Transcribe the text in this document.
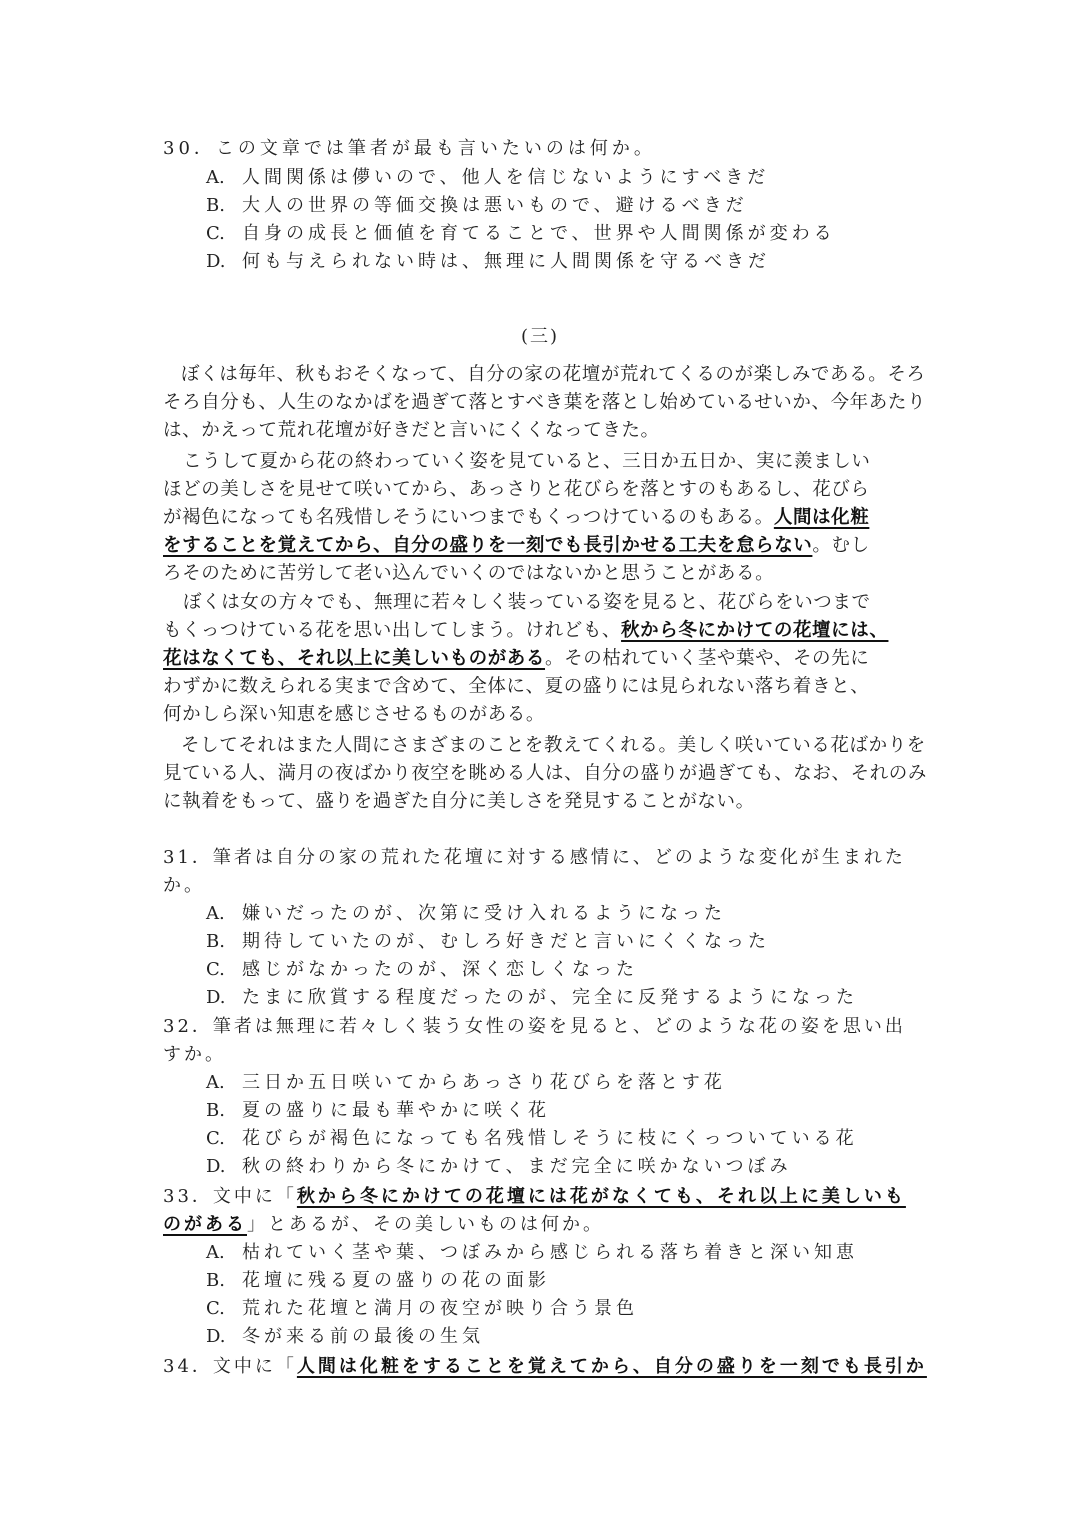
30．この文章では筆者が最も言いたいのは何か。
A. 人間関係は儚いので、他人を信じないようにすべきだ
B. 大人の世界の等価交換は悪いもので、避けるべきだ
C. 自身の成長と価値を育てることで、世界や人間関係が変わる
D. 何も与えられない時は、無理に人間関係を守るべきだ
(三)
ぼくは毎年、秋もおそくなって、自分の家の花壇が荒れてくるのが楽しみである。そろ
そろ自分も、人生のなかばを過ぎて落とすべき葉を落とし始めているせいか、今年あたり
は、かえって荒れ花壇が好きだと言いにくくなってきた。
こうして夏から花の終わっていく姿を見ていると、三日か五日か、実に羨ましい
ほどの美しさを見せて咲いてから、あっさりと花びらを落とすのもあるし、花びら
が褐色になっても名残惜しそうにいつまでもくっつけているのもある。人間は化粧
をすることを覚えてから、自分の盛りを一刻でも長引かせる工夫を怠らない。むし
ろそのために苦労して老い込んでいくのではないかと思うことがある。
ぼくは女の方々でも、無理に若々しく装っている姿を見ると、花びらをいつまで
もくっつけている花を思い出してしまう。けれども、秋から冬にかけての花壇には、
花はなくても、それ以上に美しいものがある。その枯れていく茎や葉や、その先に
わずかに数えられる実まで含めて、全体に、夏の盛りには見られない落ち着きと、
何かしら深い知恵を感じさせるものがある。
そしてそれはまた人間にさまざまのことを教えてくれる。美しく咲いている花ばかりを
見ている人、満月の夜ばかり夜空を眺める人は、自分の盛りが過ぎても、なお、それのみ
に執着をもって、盛りを過ぎた自分に美しさを発見することがない。
31．筆者は自分の家の荒れた花壇に対する感情に、どのような変化が生まれた
か。
A. 嫌いだったのが、次第に受け入れるようになった
B. 期待していたのが、むしろ好きだと言いにくくなった
C. 感じがなかったのが、深く恋しくなった
D. たまに欣賞する程度だったのが、完全に反発するようになった
32．筆者は無理に若々しく装う女性の姿を見ると、どのような花の姿を思い出
すか。
A. 三日か五日咲いてからあっさり花びらを落とす花
B. 夏の盛りに最も華やかに咲く花
C. 花びらが褐色になっても名残惜しそうに枝にくっついている花
D. 秋の終わりから冬にかけて、まだ完全に咲かないつぼみ
33．文中に「秋から冬にかけての花壇には花がなくても、それ以上に美しいも
のがある」とあるが、その美しいものは何か。
A. 枯れていく茎や葉、つぼみから感じられる落ち着きと深い知恵
B. 花壇に残る夏の盛りの花の面影
C. 荒れた花壇と満月の夜空が映り合う景色
D. 冬が来る前の最後の生気
34．文中に「人間は化粧をすることを覚えてから、自分の盛りを一刻でも長引か
